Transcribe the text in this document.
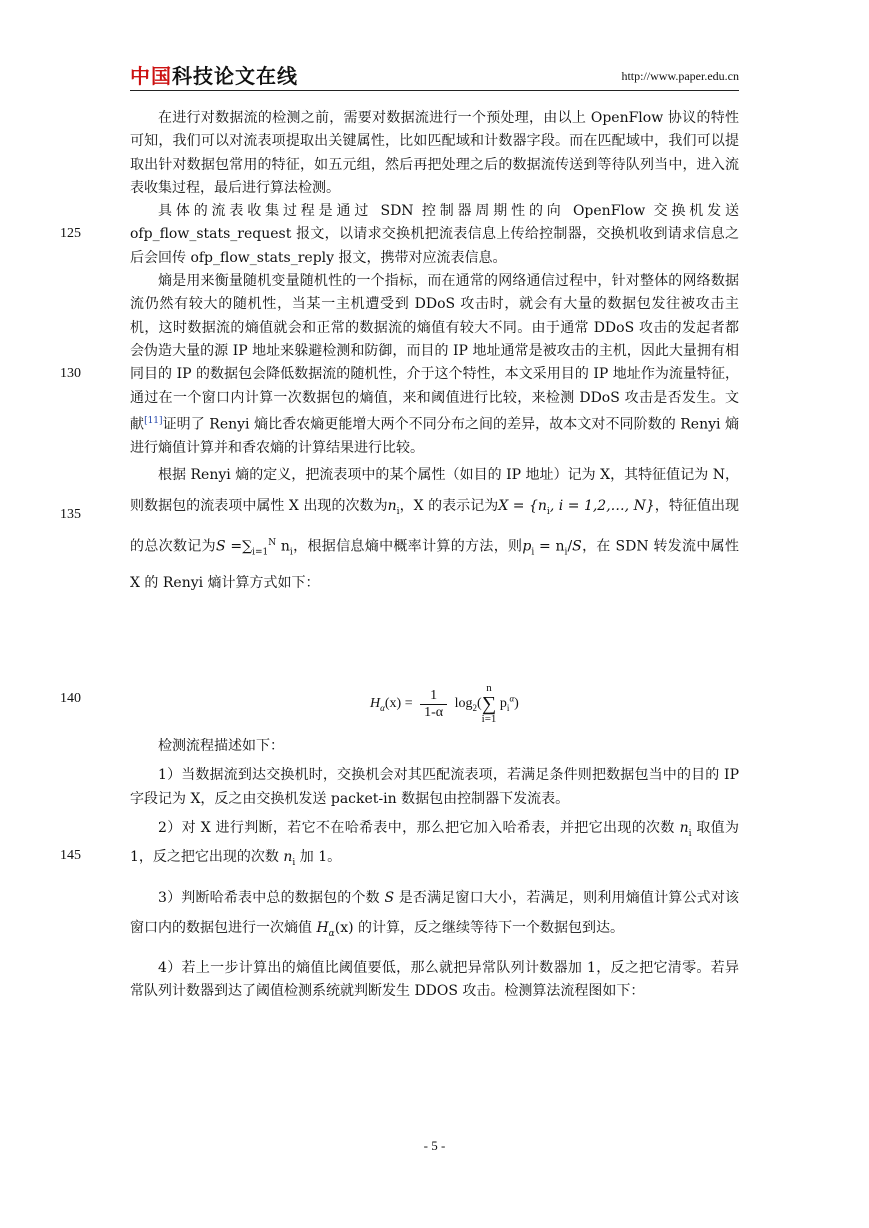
中国科技论文在线	http://www.paper.edu.cn
125
130
135
140
145

在进行对数据流的检测之前，需要对数据流进行一个预处理，由以上 OpenFlow 协议的特性可知，我们可以对流表项提取出关键属性，比如匹配域和计数器字段。而在匹配域中，我们可以提取出针对数据包常用的特征，如五元组，然后再把处理之后的数据流传送到等待队列当中，进入流表收集过程，最后进行算法检测。

具体的流表收集过程是通过 SDN 控制器周期性的向 OpenFlow 交换机发送 ofp_flow_stats_request 报文，以请求交换机把流表信息上传给控制器，交换机收到请求信息之后会回传 ofp_flow_stats_reply 报文，携带对应流表信息。

熵是用来衡量随机变量随机性的一个指标，而在通常的网络通信过程中，针对整体的网络数据流仍然有较大的随机性，当某一主机遭受到 DDoS 攻击时，就会有大量的数据包发往被攻击主机，这时数据流的熵值就会和正常的数据流的熵值有较大不同。由于通常 DDoS 攻击的发起者都会伪造大量的源 IP 地址来躲避检测和防御，而目的 IP 地址通常是被攻击的主机，因此大量拥有相同目的 IP 的数据包会降低数据流的随机性，介于这个特性，本文采用目的 IP 地址作为流量特征，通过在一个窗口内计算一次数据包的熵值，来和阈值进行比较，来检测 DDoS 攻击是否发生。文献[11]证明了 Renyi 熵比香农熵更能增大两个不同分布之间的差异，故本文对不同阶数的 Renyi 熵进行熵值计算并和香农熵的计算结果进行比较。

根据 Renyi 熵的定义，把流表项中的某个属性（如目的 IP 地址）记为 X，其特征值记为 N，则数据包的流表项中属性 X 出现的次数为$n_i$，X 的表示记为$X = \{n_i$, i = 1,2,…, N}，特征值出现的总次数记为$S =\sum_{i=1}^N$ $n_i$，根据信息熵中概率计算的方法，则$p_i = n_i/S$，在 SDN 转发流中属性 X 的 Renyi 熵计算方式如下：

$H_\alpha(x) = \frac{1}{1-\alpha} \log_2(n$
∑
i=1 $p_i^\alpha$)

检测流程描述如下：

1）当数据流到达交换机时，交换机会对其匹配流表项，若满足条件则把数据包当中的目的 IP 字段记为 X，反之由交换机发送 packet-in 数据包由控制器下发流表。

2）对 X 进行判断，若它不在哈希表中，那么把它加入哈希表，并把它出现的次数 $n_i$ 取值为 1，反之把它出现的次数 $n_i$ 加 1。

3）判断哈希表中总的数据包的个数 S 是否满足窗口大小，若满足，则利用熵值计算公式对该窗口内的数据包进行一次熵值 $H_\alpha(x)$ 的计算，反之继续等待下一个数据包到达。

4）若上一步计算出的熵值比阈值要低，那么就把异常队列计数器加 1，反之把它清零。若异常队列计数器到达了阈值检测系统就判断发生 DDOS 攻击。检测算法流程图如下：

- 5 -
